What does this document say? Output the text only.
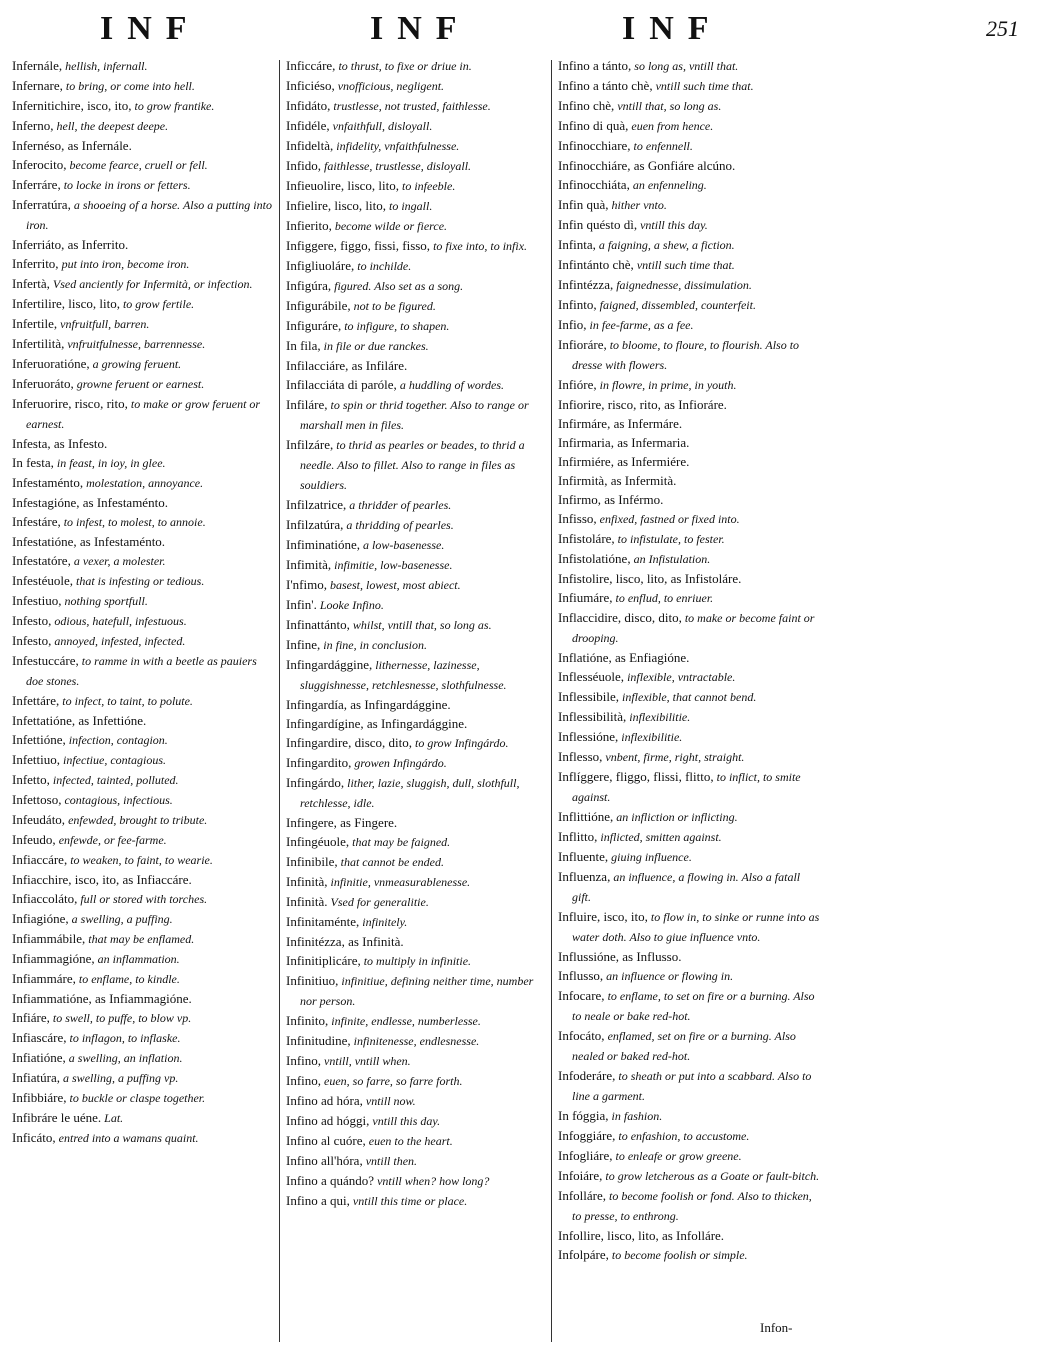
INF	INF	INF	251

Infernále, hellish, infernall.

Infernare, to bring, or come into hell.

Infernitichire, isco, ito, to grow frantike.

Inferno, hell, the deepest deepe.

Infernéso, as Infernále.

Inferocito, become fearce, cruell or fell.

Inferráre, to locke in irons or fetters.

Inferratúra, a shooeing of a horse. Also a putting into iron.

Inferriáto, as Inferrito.

Inferrito, put into iron, become iron.

Infertà, Vsed anciently for Infermità, or infection.

Infertilire, lisco, lito, to grow fertile.

Infertile, vnfruitfull, barren.

Infertilità, vnfruitfulnesse, barrennesse.

Inferuoratióne, a growing feruent.

Inferuoráto, growne feruent or earnest.

Inferuorire, risco, rito, to make or grow feruent or earnest.

Infesta, as Infesto.

In festa, in feast, in ioy, in glee.

Infestaménto, molestation, annoyance.

Infestagióne, as Infestaménto.

Infestáre, to infest, to molest, to annoie.

Infestatióne, as Infestaménto.

Infestatóre, a vexer, a molester.

Infestéuole, that is infesting or tedious.

Infestiuo, nothing sportfull.

Infesto, odious, hatefull, infestuous.

Infesto, annoyed, infested, infected.

Infestuccáre, to ramme in with a beetle as pauiers doe stones.

Infettáre, to infect, to taint, to polute.

Infettatióne, as Infettióne.

Infettióne, infection, contagion.

Infettiuo, infectiue, contagious.

Infetto, infected, tainted, polluted.

Infettoso, contagious, infectious.

Infeudáto, enfewded, brought to tribute.

Infeudo, enfewde, or fee-farme.

Infiaccáre, to weaken, to faint, to wearie.

Infiacchire, isco, ito, as Infiaccáre.

Infiaccoláto, full or stored with torches.

Infiagióne, a swelling, a puffing.

Infiammábile, that may be enflamed.

Infiammagióne, an inflammation.

Infiammáre, to enflame, to kindle.

Infiammatióne, as Infiammagióne.

Infiáre, to swell, to puffe, to blow vp.

Infiascáre, to inflagon, to inflaske.

Infiatióne, a swelling, an inflation.

Infiatúra, a swelling, a puffing vp.

Infibbiáre, to buckle or claspe together.

Infibráre le uéne. Lat.

Inficáto, entred into a wamans quaint.

Inficcáre, to thrust, to fixe or driue in.

Inficiéso, vnofficious, negligent.

Infidáto, trustlesse, not trusted, faithlesse.

Infidéle, vnfaithfull, disloyall.

Infideltà, infidelity, vnfaithfulnesse.

Infido, faithlesse, trustlesse, disloyall.

Infieuolire, lisco, lito, to infeeble.

Infielire, lisco, lito, to ingall.

Infierito, become wilde or fierce.

Infiggere, figgo, fissi, fisso, to fixe into, to infix.

Infigliuoláre, to inchilde.

Infigúra, figured. Also set as a song.

Infigurábile, not to be figured.

Infiguráre, to infigure, to shapen.

In fila, in file or due ranckes.

Infilacciáre, as Infiláre.

Infilacciáta di paróle, a huddling of wordes.

Infiláre, to spin or thrid together. Also to range or marshall men in files.

Infilzáre, to thrid as pearles or beades, to thrid a needle. Also to fillet. Also to range in files as souldiers.

Infilzatrice, a thridder of pearles.

Infilzatúra, a thridding of pearles.

Infiminatióne, a low-basenesse.

Infimità, infimitie, low-basenesse.

I'nfimo, basest, lowest, most abiect.

Infin'. Looke Infino.

Infinattánto, whilst, vntill that, so long as.

Infine, in fine, in conclusion.

Infingardággine, lithernesse, lazinesse, sluggishnesse, retchlesnesse, slothfulnesse.

Infingardía, as Infingardággine.

Infingardígine, as Infingardággine.

Infingardire, disco, dito, to grow Infingárdo.

Infingardito, growen Infingárdo.

Infingárdo, lither, lazie, sluggish, dull, slothfull, retchlesse, idle.

Infingere, as Fingere.

Infingéuole, that may be faigned.

Infinibile, that cannot be ended.

Infinità, infinitie, vnmeasurablenesse.

Infinità. Vsed for generalitie.

Infinitaménte, infinitely.

Infinitézza, as Infinità.

Infinitiplicáre, to multiply in infinitie.

Infinitiuo, infinitiue, defining neither time, number nor person.

Infinito, infinite, endlesse, numberlesse.

Infinitudine, infinitenesse, endlesnesse.

Infino, vntill, vntill when.

Infino, euen, so farre, so farre forth.

Infino ad hóra, vntill now.

Infino ad hóggi, vntill this day.

Infino al cuóre, euen to the heart.

Infino all'hóra, vntill then.

Infino a quándo? vntill when? how long?

Infino a qui, vntill this time or place.

Infino a tánto, so long as, vntill that.

Infino a tánto chè, vntill such time that.

Infino chè, vntill that, so long as.

Infino di quà, euen from hence.

Infinocchiare, to enfennell.

Infinocchiáre, as Gonfiáre alcúno.

Infinocchiáta, an enfenneling.

Infin quà, hither vnto.

Infin quésto dì, vntill this day.

Infinta, a faigning, a shew, a fiction.

Infintánto chè, vntill such time that.

Infintézza, faignednesse, dissimulation.

Infinto, faigned, dissembled, counterfeit.

Infio, in fee-farme, as a fee.

Infioráre, to bloome, to floure, to flourish. Also to dresse with flowers.

Infióre, in flowre, in prime, in youth.

Infiorire, risco, rito, as Infioráre.

Infirmáre, as Infermáre.

Infirmaria, as Infermaria.

Infirmiére, as Infermiére.

Infirmità, as Infermità.

Infirmo, as Inférmo.

Infisso, enfixed, fastned or fixed into.

Infistoláre, to infistulate, to fester.

Infistolatióne, an Infistulation.

Infistolire, lisco, lito, as Infistoláre.

Infiumáre, to enflud, to enriuer.

Inflaccidire, disco, dito, to make or become faint or drooping.

Inflatióne, as Enfiagióne.

Inflesséuole, inflexible, vntractable.

Inflessibile, inflexible, that cannot bend.

Inflessibilità, inflexibilitie.

Inflessióne, inflexibilitie.

Inflesso, vnbent, firme, right, straight.

Inflíggere, fliggo, flissi, flitto, to inflict, to smite against.

Inflittióne, an infliction or inflicting.

Inflitto, inflicted, smitten against.

Influente, giuing influence.

Influenza, an influence, a flowing in. Also a fatall gift.

Influire, isco, ito, to flow in, to sinke or runne into as water doth. Also to giue influence vnto.

Influssióne, as Influsso.

Influsso, an influence or flowing in.

Infocare, to enflame, to set on fire or a burning. Also to neale or bake red-hot.

Infocáto, enflamed, set on fire or a burning. Also nealed or baked red-hot.

Infoderáre, to sheath or put into a scabbard. Also to line a garment.

In fóggia, in fashion.

Infoggiáre, to enfashion, to accustome.

Infogliáre, to enleafe or grow greene.

Infoiáre, to grow letcherous as a Goate or fault-bitch.

Infolláre, to become foolish or fond. Also to thicken, to presse, to enthrong.

Infollire, lisco, lito, as Infolláre.

Infolpáre, to become foolish or simple.

Infon-
